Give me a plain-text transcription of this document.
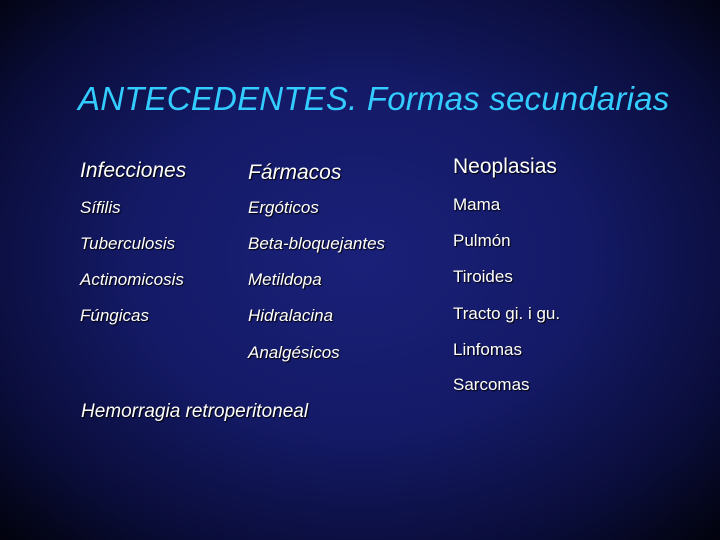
ANTECEDENTES. Formas secundarias
Infecciones
Sífilis
Tuberculosis
Actinomicosis
Fúngicas
Fármacos
Ergóticos
Beta-bloquejantes
Metildopa
Hidralacina
Analgésicos
Neoplasias
Mama
Pulmón
Tiroides
Tracto gi. i gu.
Linfomas
Sarcomas
Hemorragia retroperitoneal
